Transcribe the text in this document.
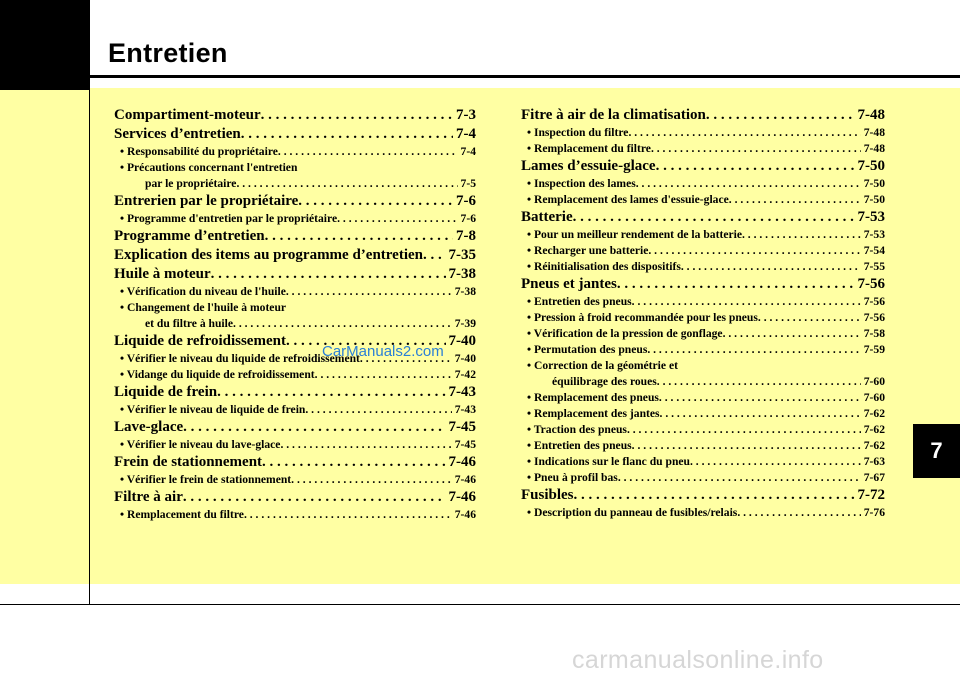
Entretien
7
Compartiment-moteur . . .	7-3
Services d’entretien . . .	7-4
• Responsabilité du propriétaire . . .	7-4
• Précautions concernant l'entretien
par le propriétaire . . .	7-5
Entrerien par le propriétaire . . .	7-6
• Programme d'entretien par le propriétaire . . .	7-6
Programme d’entretien . . .	7-8
Explication des items au programme d’entretien . . . 7-35
Huile à moteur . . .	7-38
• Vérification du niveau de l'huile . . .	7-38
• Changement de l'huile à moteur
et du filtre à huile . . .	7-39
Liquide de refroidissement . . .	7-40
• Vérifier le niveau du liquide de refroidissement . . .	7-40
• Vidange du liquide de refroidissement . . .	7-42
Liquide de frein . . .	7-43
• Vérifier le niveau de liquide de frein . . .	7-43
Lave-glace . . .	7-45
• Vérifier le niveau du lave-glace . . .	7-45
Frein de stationnement . . .	7-46
• Vérifier le frein de stationnement . . .	7-46
Filtre à air . . .	7-46
• Remplacement du filtre . . .	7-46
Fitre à air de la climatisation . . .	7-48
• Inspection du filtre . . .	7-48
• Remplacement du filtre . . .	7-48
Lames d’essuie-glace . . .	7-50
• Inspection des lames . . .	7-50
• Remplacement des lames d'essuie-glace . . .	7-50
Batterie . . .	7-53
• Pour un meilleur rendement de la batterie . . .	7-53
• Recharger une batterie . . .	7-54
• Réinitialisation des dispositifs . . .	7-55
Pneus et jantes . . .	7-56
• Entretien des pneus . . .	7-56
• Pression à froid recommandée pour les pneus . . .	7-56
• Vérification de la pression de gonflage . . .	7-58
• Permutation des pneus . . .	7-59
• Correction de la géométrie et
équilibrage des roues . . .	7-60
• Remplacement des pneus . . .	7-60
• Remplacement des jantes . . .	7-62
• Traction des pneus . . .	7-62
• Entretien des pneus . . .	7-62
• Indications sur le flanc du pneu . . .	7-63
• Pneu à profil bas . . .	7-67
Fusibles . . .	7-72
• Description du panneau de fusibles/relais . . .	7-76
CarManuals2.com
carmanualsonline.info
